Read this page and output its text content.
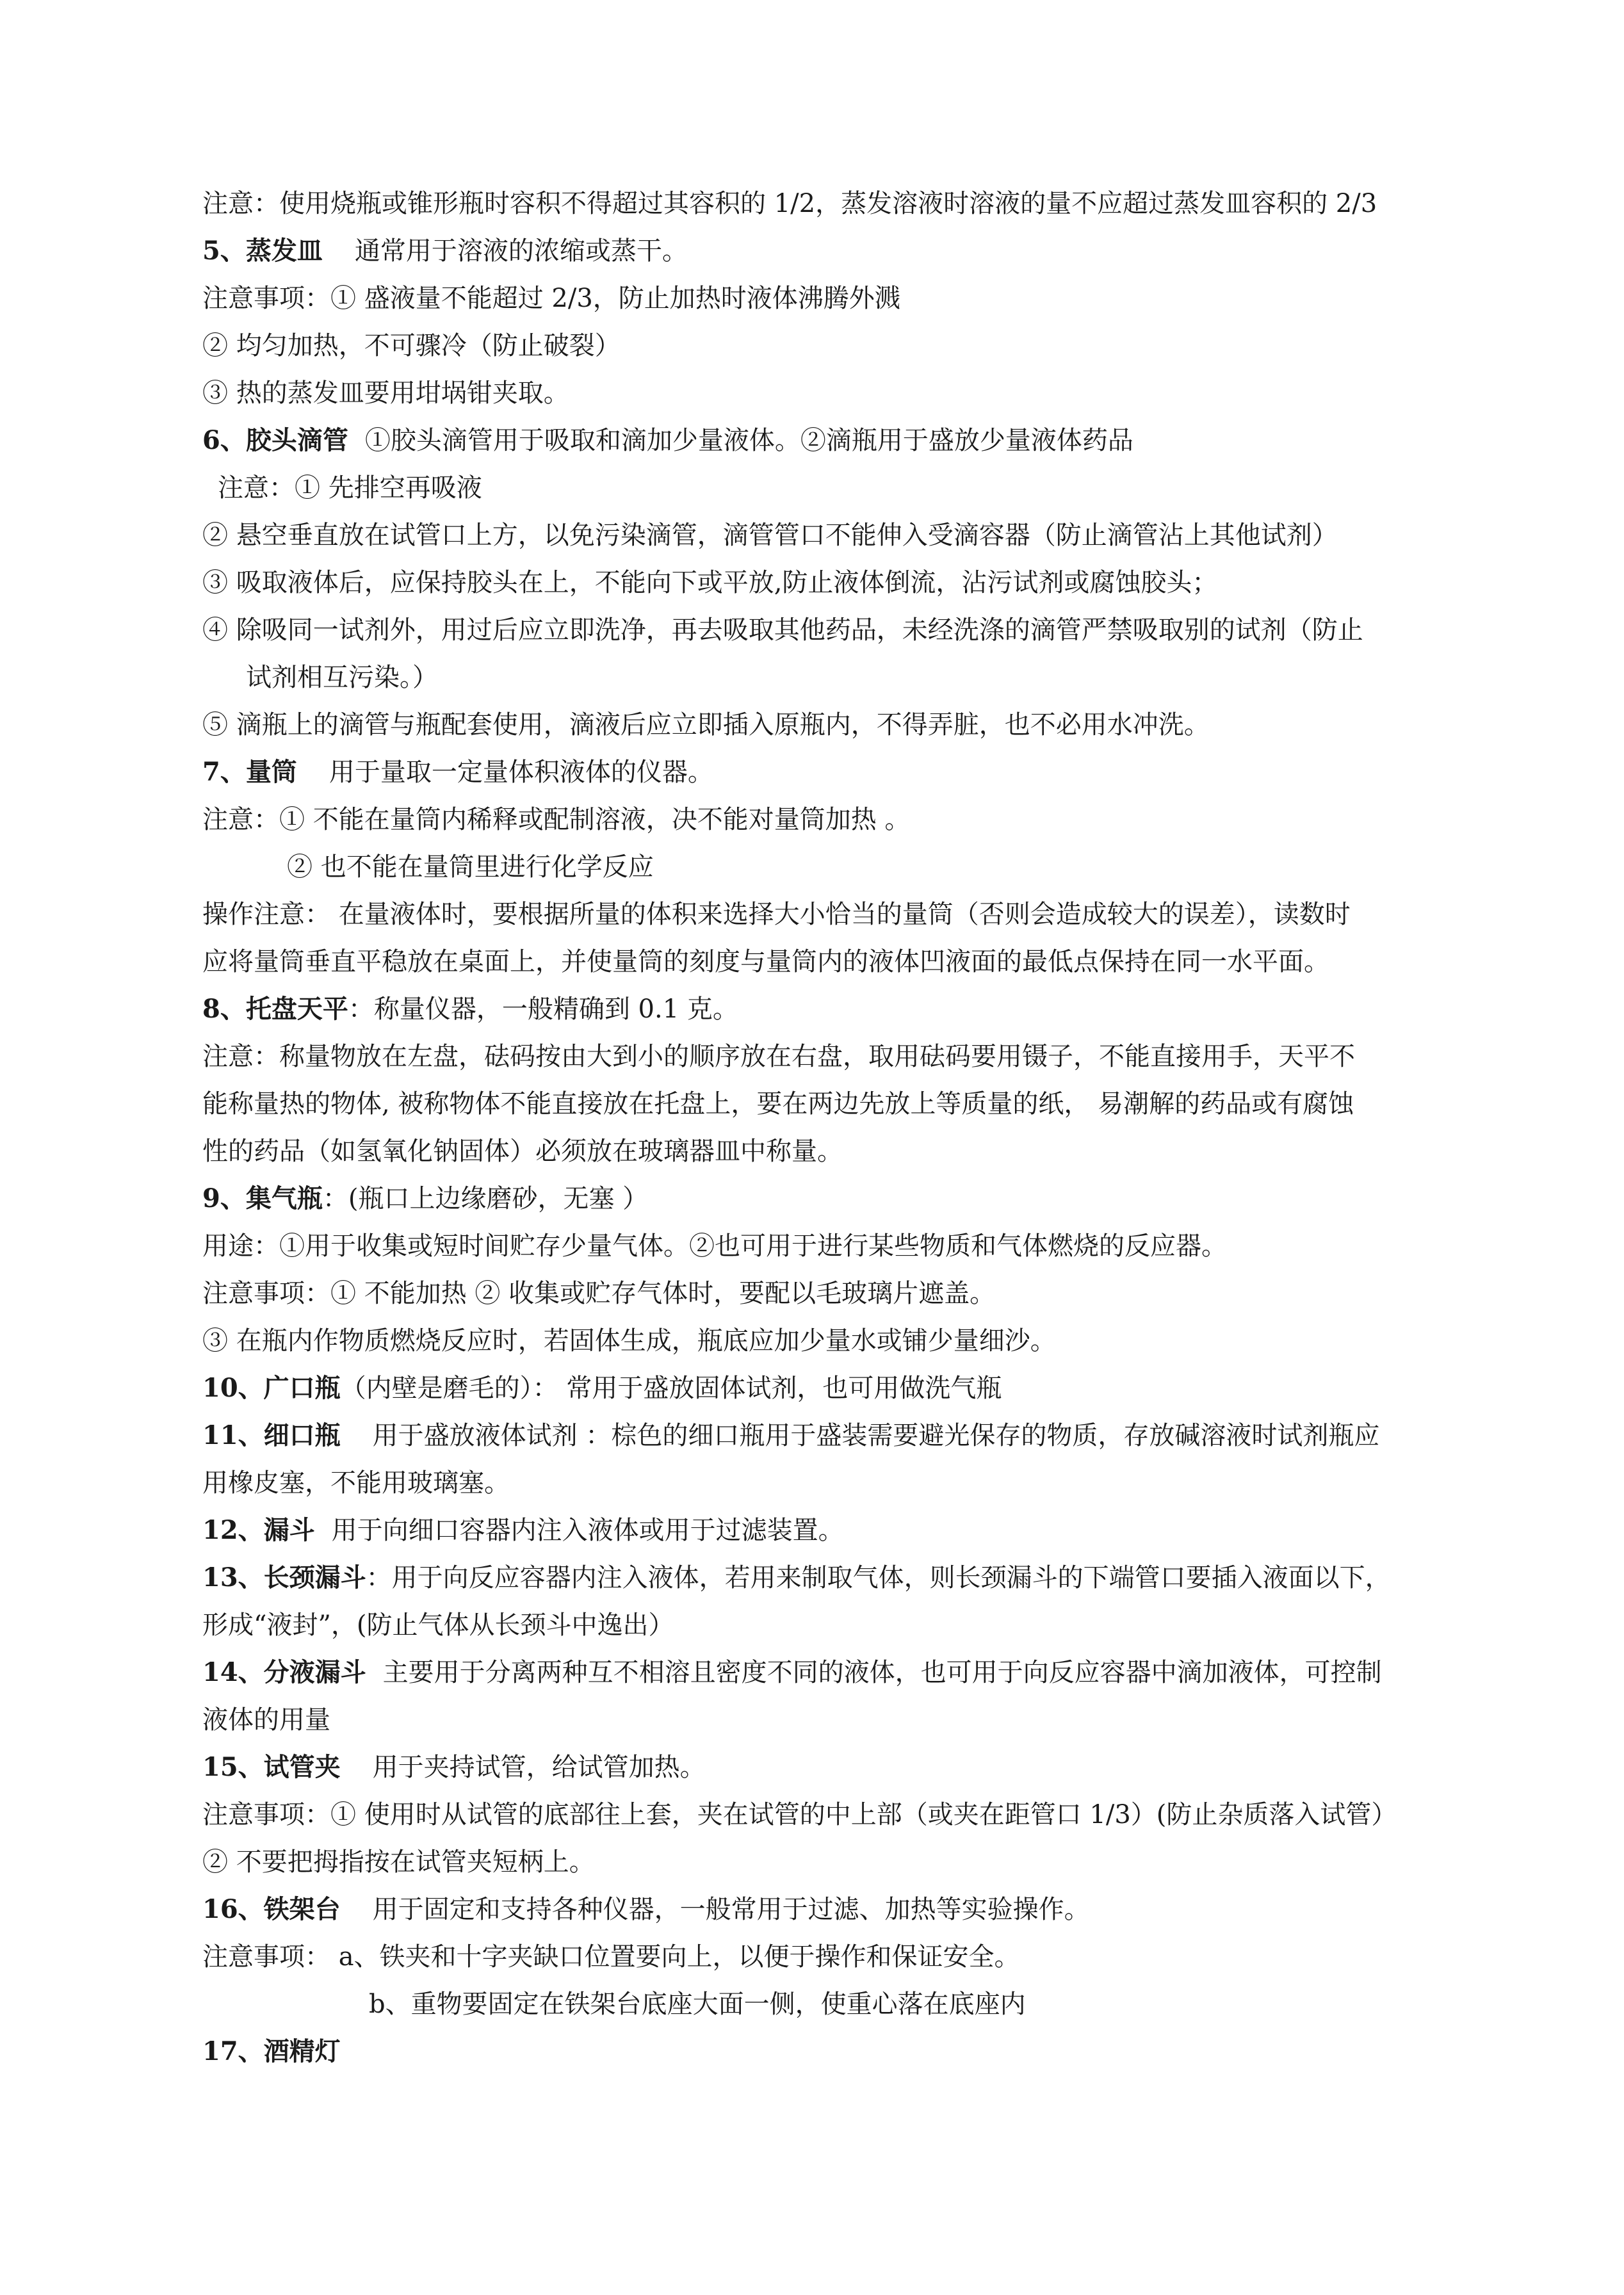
注意：使用烧瓶或锥形瓶时容积不得超过其容积的 1/2，蒸发溶液时溶液的量不应超过蒸发皿容积的 2/3
5、蒸发皿 通常用于溶液的浓缩或蒸干。
注意事项：① 盛液量不能超过 2/3，防止加热时液体沸腾外溅
② 均匀加热，不可骤冷（防止破裂）
③ 热的蒸发皿要用坩埚钳夹取。
6、胶头滴管 ①胶头滴管用于吸取和滴加少量液体。②滴瓶用于盛放少量液体药品
注意：① 先排空再吸液
② 悬空垂直放在试管口上方，以免污染滴管，滴管管口不能伸入受滴容器（防止滴管沾上其他试剂）
③ 吸取液体后，应保持胶头在上，不能向下或平放,防止液体倒流，沾污试剂或腐蚀胶头；
④ 除吸同一试剂外，用过后应立即洗净，再去吸取其他药品，未经洗涤的滴管严禁吸取别的试剂（防止
试剂相互污染。）
⑤ 滴瓶上的滴管与瓶配套使用，滴液后应立即插入原瓶内，不得弄脏，也不必用水冲洗。
7、量筒 用于量取一定量体积液体的仪器。
注意：① 不能在量筒内稀释或配制溶液，决不能对量筒加热 。
② 也不能在量筒里进行化学反应
操作注意： 在量液体时，要根据所量的体积来选择大小恰当的量筒（否则会造成较大的误差），读数时
应将量筒垂直平稳放在桌面上，并使量筒的刻度与量筒内的液体凹液面的最低点保持在同一水平面。
8、托盘天平：称量仪器，一般精确到 0.1 克。
注意：称量物放在左盘，砝码按由大到小的顺序放在右盘，取用砝码要用镊子，不能直接用手，天平不
能称量热的物体, 被称物体不能直接放在托盘上，要在两边先放上等质量的纸， 易潮解的药品或有腐蚀
性的药品（如氢氧化钠固体）必须放在玻璃器皿中称量。
9、集气瓶：(瓶口上边缘磨砂，无塞 ）
用途：①用于收集或短时间贮存少量气体。②也可用于进行某些物质和气体燃烧的反应器。
注意事项：① 不能加热 ② 收集或贮存气体时，要配以毛玻璃片遮盖。
③ 在瓶内作物质燃烧反应时，若固体生成，瓶底应加少量水或铺少量细沙。
10、广口瓶（内壁是磨毛的）： 常用于盛放固体试剂，也可用做洗气瓶
11、细口瓶 用于盛放液体试剂 ：棕色的细口瓶用于盛装需要避光保存的物质，存放碱溶液时试剂瓶应
用橡皮塞，不能用玻璃塞。
12、漏斗 用于向细口容器内注入液体或用于过滤装置。
13、长颈漏斗：用于向反应容器内注入液体，若用来制取气体，则长颈漏斗的下端管口要插入液面以下，
形成“液封”，(防止气体从长颈斗中逸出）
14、分液漏斗 主要用于分离两种互不相溶且密度不同的液体，也可用于向反应容器中滴加液体，可控制
液体的用量
15、试管夹 用于夹持试管，给试管加热。
注意事项：① 使用时从试管的底部往上套，夹在试管的中上部（或夹在距管口 1/3）(防止杂质落入试管）
② 不要把拇指按在试管夹短柄上。
16、铁架台 用于固定和支持各种仪器，一般常用于过滤、加热等实验操作。
注意事项： a、铁夹和十字夹缺口位置要向上，以便于操作和保证安全。
b、重物要固定在铁架台底座大面一侧，使重心落在底座内
17、酒精灯
